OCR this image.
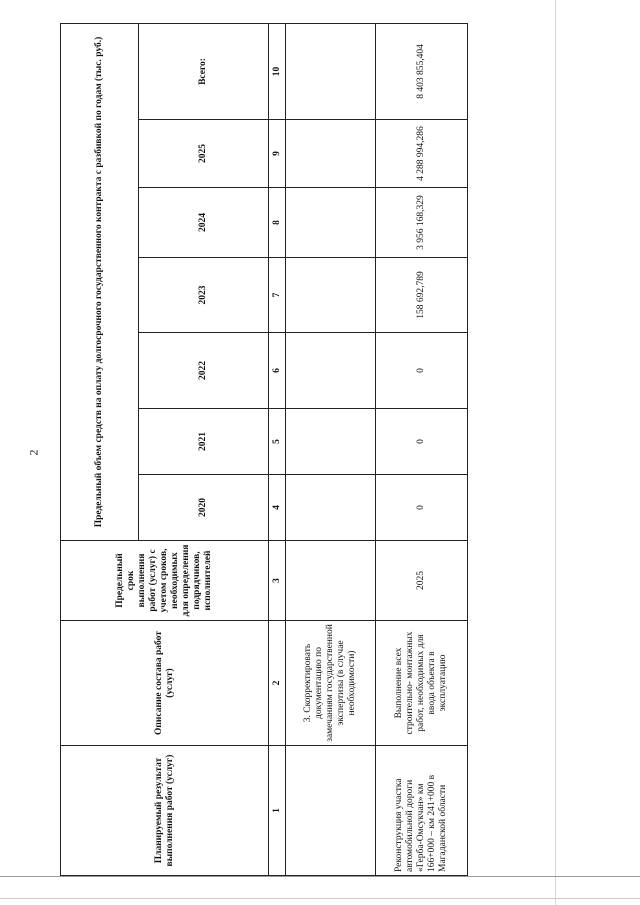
2
Планируемый результат выполнения работ (услуг)	Описание состава работ (услуг)	Предельный срок выполнения работ (услуг) с учетом сроков, необходимых для определения подрядчиков, исполнителей	Предельный объем средств на оплату долгосрочного государственного контракта с разбивкой по годам (тыс. руб.)						
			2020	2021	2022	2023	2024	2025	Всего:
1	2	3	4	5	6	7	8	9	10
	3. Скорректировать документацию по замечаниям государственной экспертизы (в случае необходимости)								
Реконструкция участка автомобильной дороги «Герба-Омсукчан» км 166+000 – км 241+000 в Магаданской области	Выполнение всех строительно- монтажных работ, необходимых для ввода объекта в эксплуатацию	2025	0	0	0	158 692,789	3 956 168,329	4 288 994,286	8 403 855,404
